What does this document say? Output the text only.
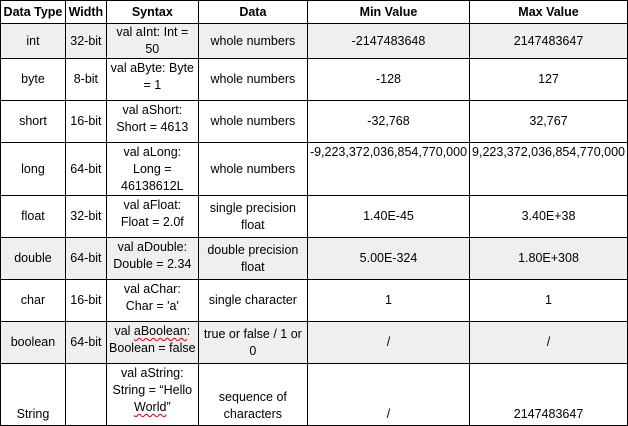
Data Type	Width	Syntax	Data	Min Value	Max Value
int	32-bit	val aInt: Int = 50	whole numbers	-2147483648	2147483647
byte	8-bit	val aByte: Byte = 1	whole numbers	-128	127
short	16-bit	val aShort: Short = 4613	whole numbers	-32,768	32,767
long	64-bit	val aLong: Long = 46138612L	whole numbers	-9,223,372,036,854,770,000	9,223,372,036,854,770,000
float	32-bit	val aFloat: Float = 2.0f	single precision float	1.40E-45	3.40E+38
double	64-bit	val aDouble: Double = 2.34	double precision float	5.00E-324	1.80E+308
char	16-bit	val aChar: Char = 'a'	single character	1	1
boolean	64-bit	val aBoolean: Boolean = false	true or false / 1 or 0	/	/
String		val aString: String = “Hello World”	sequence of characters	/	2147483647
